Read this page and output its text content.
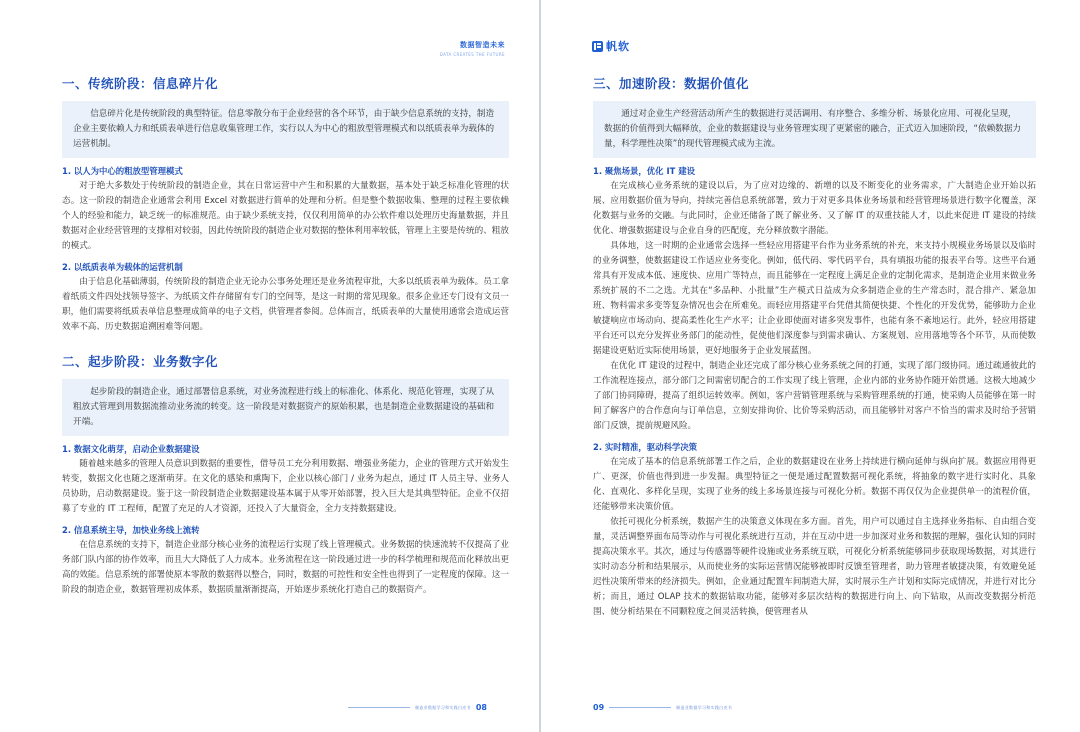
数据智造未来
DATA CREATES THE FUTURE
一、传统阶段：信息碎片化
信息碎片化是传统阶段的典型特征。信息零散分布于企业经营的各个环节，由于缺少信息系统的支持，制造企业主要依赖人力和纸质表单进行信息收集管理工作，实行以人为中心的粗放型管理模式和以纸质表单为载体的运营机制。
1. 以人为中心的粗放型管理模式

对于绝大多数处于传统阶段的制造企业，其在日常运营中产生和积累的大量数据，基本处于缺乏标准化管理的状态。这一阶段的制造企业通常会利用 Excel 对数据进行简单的处理和分析。但是整个数据收集、整理的过程主要依赖个人的经验和能力，缺乏统一的标准规范。由于缺少系统支持，仅仅利用简单的办公软件难以处理历史海量数据，并且数据对企业经营管理的支撑相对较弱，因此传统阶段的制造企业对数据的整体利用率较低，管理上主要是传统的、粗放的模式。

2. 以纸质表单为载体的运营机制

由于信息化基础薄弱，传统阶段的制造企业无论办公事务处理还是业务流程审批，大多以纸质表单为载体。员工拿着纸质文件四处找领导签字、为纸质文件存储留有专门的空间等，是这一时期的常见现象。很多企业还专门设有文员一职，他们需要将纸质表单信息整理成简单的电子文档，供管理者参阅。总体而言，纸质表单的大量使用通常会造成运营效率不高、历史数据追溯困难等问题。

二、起步阶段：业务数字化
起步阶段的制造企业，通过部署信息系统，对业务流程进行线上的标准化、体系化、规范化管理，实现了从粗放式管理到用数据流推动业务流的转变。这一阶段是对数据资产的原始积累，也是制造企业数据建设的基础和开端。
1. 数据文化萌芽，启动企业数据建设

随着越来越多的管理人员意识到数据的重要性，借导员工充分利用数据、增强业务能力，企业的管理方式开始发生转变，数据文化也随之逐渐萌芽。在文化的感染和熏陶下，企业以核心部门 / 业务为起点，通过 IT 人员主导、业务人员协助，启动数据建设。鉴于这一阶段制造企业数据建设基本属于从零开始部署，投入巨大是其典型特征。企业不仅招募了专业的 IT 工程师，配置了充足的人才资源，还投入了大量资金，全力支持数据建设。

2. 信息系统主导，加快业务线上流转

在信息系统的支持下，制造企业部分核心业务的流程运行实现了线上管理模式。业务数据的快速流转不仅提高了业务部门队内部的协作效率，而且大大降低了人力成本。业务流程在这一阶段通过进一步的科学梳理和规范而化释放出更高的效能。信息系统的部署使原本零散的数据得以整合，同时，数据的可控性和安全性也得到了一定程度的保障。这一阶段的制造企业，数据管理初成体系，数据质量渐渐提高，开始逐步系统化打造自己的数据资产。

制造业数据学习和实践白皮书 08
帆软
三、加速阶段：数据价值化
通过对企业生产经营活动所产生的数据进行灵活调用、有序整合、多维分析、场景化应用、可视化呈现，数据的价值得到大幅释放，企业的数据建设与业务管理实现了更紧密的融合，正式迈入加速阶段，“依赖数据力量，科学理性决策”的现代管理模式成为主流。
1. 聚焦场景，优化 IT 建设

在完成核心业务系统的建设以后，为了应对边缘的、新增的以及不断变化的业务需求，广大制造企业开始以拓展、应用数据价值为导向，持续完善信息系统部署，致力于对更多具体业务场景和经营管理场景进行数字化覆盖，深化数据与业务的交融。与此同时，企业还储备了既了解业务、又了解 IT 的双重技能人才，以此来促进 IT 建设的持续优化、增强数据建设与企业自身的匹配度，充分释放数字潜能。

具体地，这一时期的企业通常会选择一些轻应用搭建平台作为业务系统的补充，来支持小规模业务场景以及临时的业务调整，使数据建设工作适应业务变化。例如，低代码、零代码平台，具有填报功能的报表平台等。这些平台通常具有开发成本低、速度快、应用广等特点，而且能够在一定程度上满足企业的定制化需求，是制造企业用来做业务系统扩展的不二之选。尤其在“多品种、小批量”生产模式日益成为众多制造企业的生产常态时，混合排产、紧急加班、物料需求多变等复杂情况也会在所难免。而轻应用搭建平台凭借其简便快捷、个性化的开发优势，能够助力企业敏捷响应市场动向、提高柔性化生产水平；让企业即使面对诸多突发事件，也能有条不紊地运行。此外，轻应用搭建平台还可以充分发挥业务部门的能动性，促使他们深度参与到需求确认、方案规划、应用落地等各个环节，从而使数据建设更贴近实际使用场景，更好地服务于企业发展蓝图。

在优化 IT 建设的过程中，制造企业还完成了部分核心业务系统之间的打通，实现了部门级协同。通过疏通彼此的工作流程连接点，部分部门之间需密切配合的工作实现了线上管理，企业内部的业务协作随开始贯通。这极大地减少了部门协同障碍，提高了组织运转效率。例如，客户营销管理系统与采购管理系统的打通，使采购人员能够在第一时间了解客户的合作意向与订单信息，立刻安排询价、比价等采购活动，而且能够针对客户不恰当的需求及时给予营销部门反馈，提前规避风险。

2. 实时精准，驱动科学决策

在完成了基本的信息系统部署工作之后，企业的数据建设在业务上持续进行横向延伸与纵向扩展。数据应用得更广、更深，价值也得到进一步发掘。典型特征之一便是通过配置数据可视化系统，将抽象的数字进行实时化、具象化、直观化、多样化呈现，实现了业务的线上多场景连接与可视化分析。数据不再仅仅为企业提供单一的流程价值，还能够带来决策价值。

依托可视化分析系统，数据产生的决策意义体现在多方面。首先，用户可以通过自主选择业务指标、自由组合变量，灵活调整界面布局等动作与可视化系统进行互动，并在互动中进一步加深对业务和数据的理解，强化认知的同时提高决策水平。其次，通过与传感器等硬件设施或业务系统互联，可视化分析系统能够同步获取现场数据，对其进行实时动态分析和结果展示，从而使业务的实际运营情况能够被即时反馈至管理者，助力管理者敏捷决策，有效避免延迟性决策所带来的经济损失。例如，企业通过配置车间制造大屏，实时展示生产计划和实际完成情况，并进行对比分析；而且，通过 OLAP 技术的数据钻取功能，能够对多层次结构的数据进行向上、向下钻取，从而改变数据分析范围、使分析结果在不同颗粒度之间灵活转换，便管理者从

09	制造业数据学习和实践白皮书
